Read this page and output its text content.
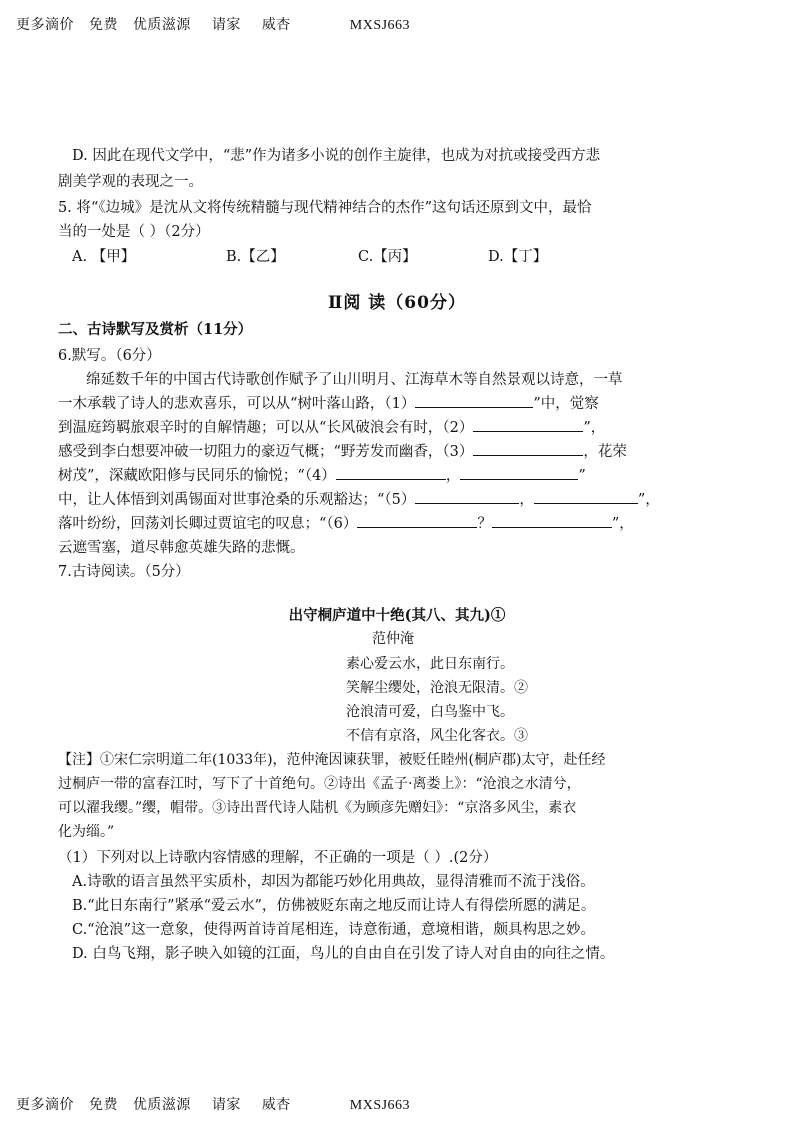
更多滴价 免费 优质滋源 请家 威杏	MXSJ663
D. 因此在现代文学中，“悲”作为诸多小说的创作主旋律，也成为对抗或接受西方悲
剧美学观的表现之一。
5. 将“《边城》是沈从文将传统精髓与现代精神结合的杰作”这句话还原到文中，最恰
当的一处是（ ）（2分）
A. 【甲】	B.【乙】	C.【丙】	D.【丁】
Ⅱ阅 读（60分）
二、古诗默写及赏析（11分）
6.默写。（6分）
绵延数千年的中国古代诗歌创作赋予了山川明月、江海草木等自然景观以诗意，一草
一木承载了诗人的悲欢喜乐，可以从“树叶落山路，（1）	”中，觉察
到温庭筠羁旅艰辛时的自解情趣；可以从“长风破浪会有时，（2）	”，
感受到李白想要冲破一切阻力的豪迈气概；“野芳发而幽香，（3）	，花荣
树茂”，深藏欧阳修与民同乐的愉悦；“（4）	，	”
中，让人体悟到刘禹锡面对世事沧桑的乐观豁达；“（5）	，	”，
落叶纷纷，回荡刘长卿过贾谊宅的叹息；“（6）	？	”，
云遮雪塞，道尽韩愈英雄失路的悲慨。
7.古诗阅读。（5分）
出守桐庐道中十绝(其八、其九)①
范仲淹
素心爱云水，此日东南行。
笑解尘缨处，沧浪无限清。②
沧浪清可爱，白鸟鉴中飞。
不信有京洛，风尘化客衣。③
【注】①宋仁宗明道二年(1033年)，范仲淹因谏获罪，被贬任睦州(桐庐郡)太守，赴任经
过桐庐一带的富春江时，写下了十首绝句。②诗出《孟子·离娄上》：“沧浪之水清兮，
可以濯我缨。”缨，帽带。③诗出晋代诗人陆机《为顾彦先赠妇》：“京洛多风尘，素衣
化为缁。”
（1）下列对以上诗歌内容情感的理解，不正确的一项是（ ）.(2分）
A.诗歌的语言虽然平实质朴，却因为都能巧妙化用典故，显得清雅而不流于浅俗。
B.“此日东南行”紧承“爱云水”，仿佛被贬东南之地反而让诗人有得偿所愿的满足。
C.“沧浪”这一意象，使得两首诗首尾相连，诗意衔通，意境相谐，颇具构思之妙。
D. 白鸟飞翔，影子映入如镜的江面，鸟儿的自由自在引发了诗人对自由的向往之情。
更多滴价 免费 优质滋源 请家 威杏	MXSJ663
